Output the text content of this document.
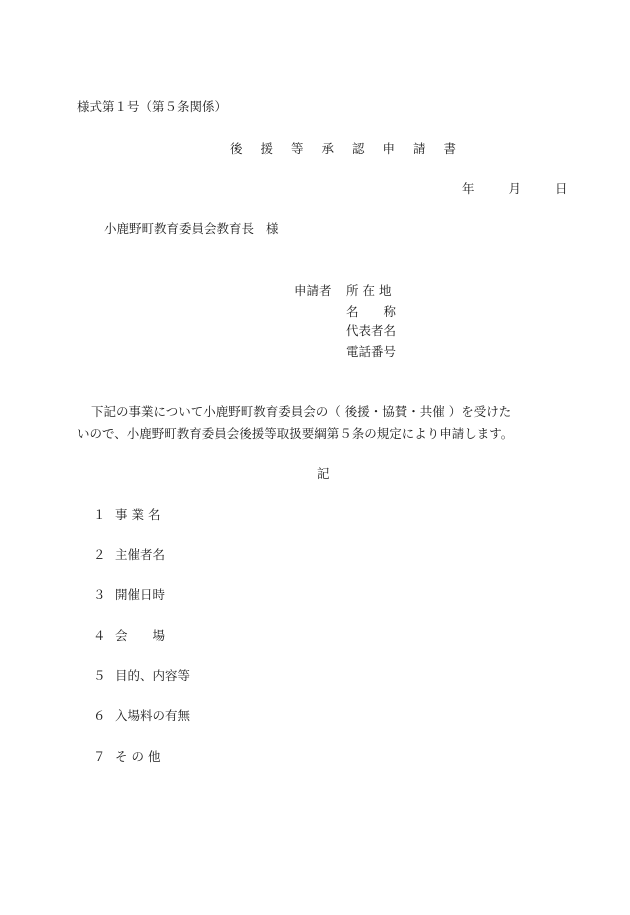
様式第１号（第５条関係）
後 援 等 承 認 申 請 書
年	月	日
小鹿野町教育委員会教育長 様
申請者 所 在 地
名　　称
代表者名
電話番号
下記の事業について小鹿野町教育委員会の（ 後援・協賛・共催 ）を受けた
いので、小鹿野町教育委員会後援等取扱要綱第５条の規定により申請します。
記
１ 事 業 名
２ 主催者名
３ 開催日時
４ 会　　場
５ 目的、内容等
６ 入場料の有無
７ そ の 他
